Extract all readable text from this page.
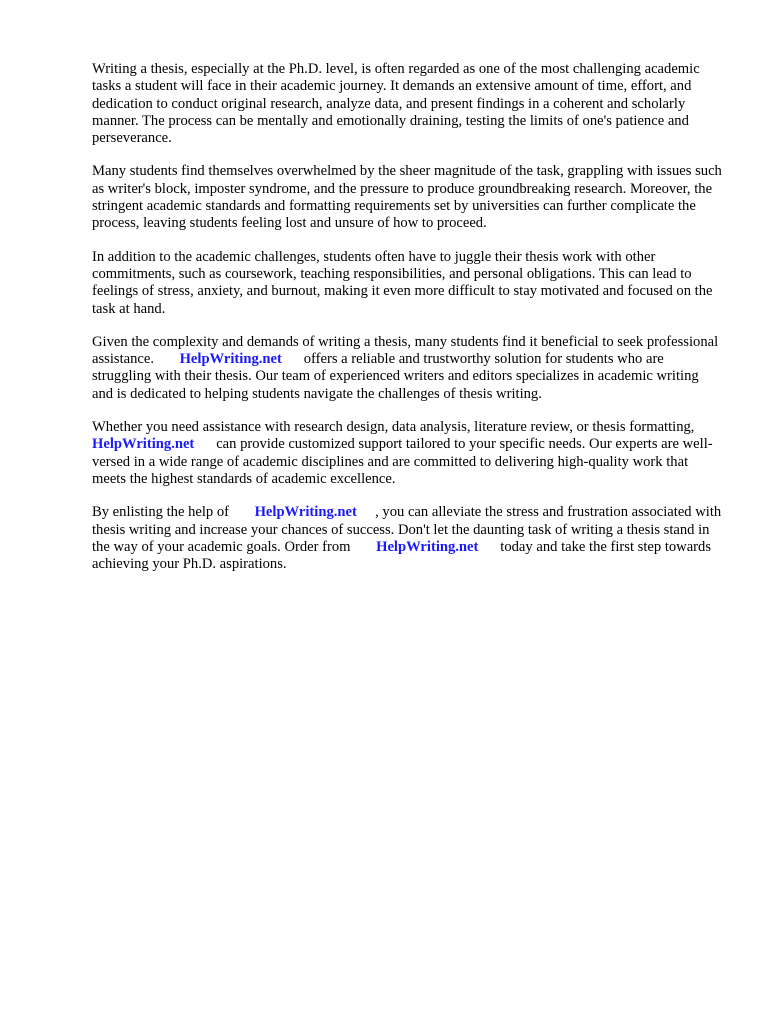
Writing a thesis, especially at the Ph.D. level, is often regarded as one of the most challenging academic tasks a student will face in their academic journey. It demands an extensive amount of time, effort, and dedication to conduct original research, analyze data, and present findings in a coherent and scholarly manner. The process can be mentally and emotionally draining, testing the limits of one's patience and perseverance.

Many students find themselves overwhelmed by the sheer magnitude of the task, grappling with issues such as writer's block, imposter syndrome, and the pressure to produce groundbreaking research. Moreover, the stringent academic standards and formatting requirements set by universities can further complicate the process, leaving students feeling lost and unsure of how to proceed.

In addition to the academic challenges, students often have to juggle their thesis work with other commitments, such as coursework, teaching responsibilities, and personal obligations. This can lead to feelings of stress, anxiety, and burnout, making it even more difficult to stay motivated and focused on the task at hand.

Given the complexity and demands of writing a thesis, many students find it beneficial to seek professional assistance. HelpWriting.net offers a reliable and trustworthy solution for students who are struggling with their thesis. Our team of experienced writers and editors specializes in academic writing and is dedicated to helping students navigate the challenges of thesis writing.

Whether you need assistance with research design, data analysis, literature review, or thesis formatting,       HelpWriting.net can provide customized support tailored to your specific needs. Our experts are well-versed in a wide range of academic disciplines and are committed to delivering high-quality work that meets the highest standards of academic excellence.

By enlisting the help of HelpWriting.net , you can alleviate the stress and frustration associated with thesis writing and increase your chances of success. Don't let the daunting task of writing a thesis stand in the way of your academic goals. Order from HelpWriting.net today and take the first step towards achieving your Ph.D. aspirations.
